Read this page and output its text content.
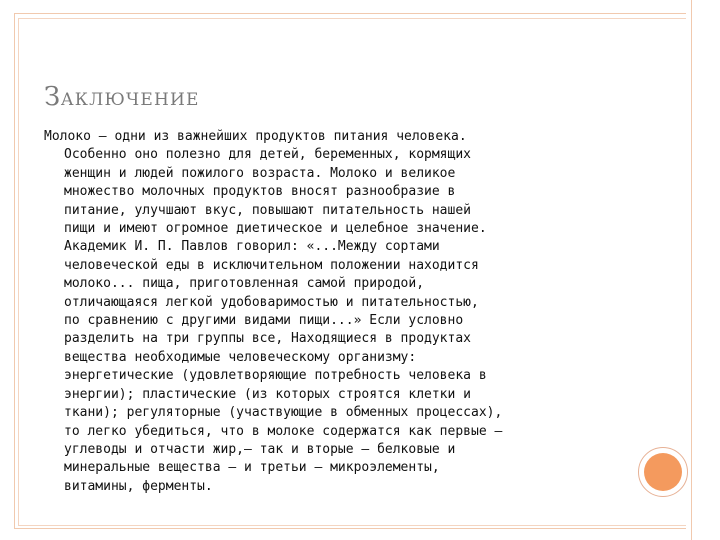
ЗАКЛЮЧЕНИЕ
Молоко — одни из важнейших продуктов питания человека.
Особенно оно полезно для детей, беременных, кормящих
женщин и людей пожилого возраста. Молоко и великое
множество молочных продуктов вносят разнообразие в
питание, улучшают вкус, повышают питательность нашей
пищи и имеют огромное диетическое и целебное значение.
Академик И. П. Павлов говорил: «...Между сортами
человеческой еды в исключительном положении находится
молоко... пища, приготовленная самой природой,
отличающаяся легкой удобоваримостью и питательностью,
по сравнению с другими видами пищи...» Если условно
разделить на три группы все, Находящиеся в продуктах
вещества необходимые человеческому организму:
энергетические (удовлетворяющие потребность человека в
энергии); пластические (из которых строятся клетки и
ткани); регуляторные (участвующие в обменных процессах),
то легко убедиться, что в молоке содержатся как первые —
углеводы и отчасти жир,— так и вторые — белковые и
минеральные вещества — и третьи — микроэлементы,
витамины, ферменты.
